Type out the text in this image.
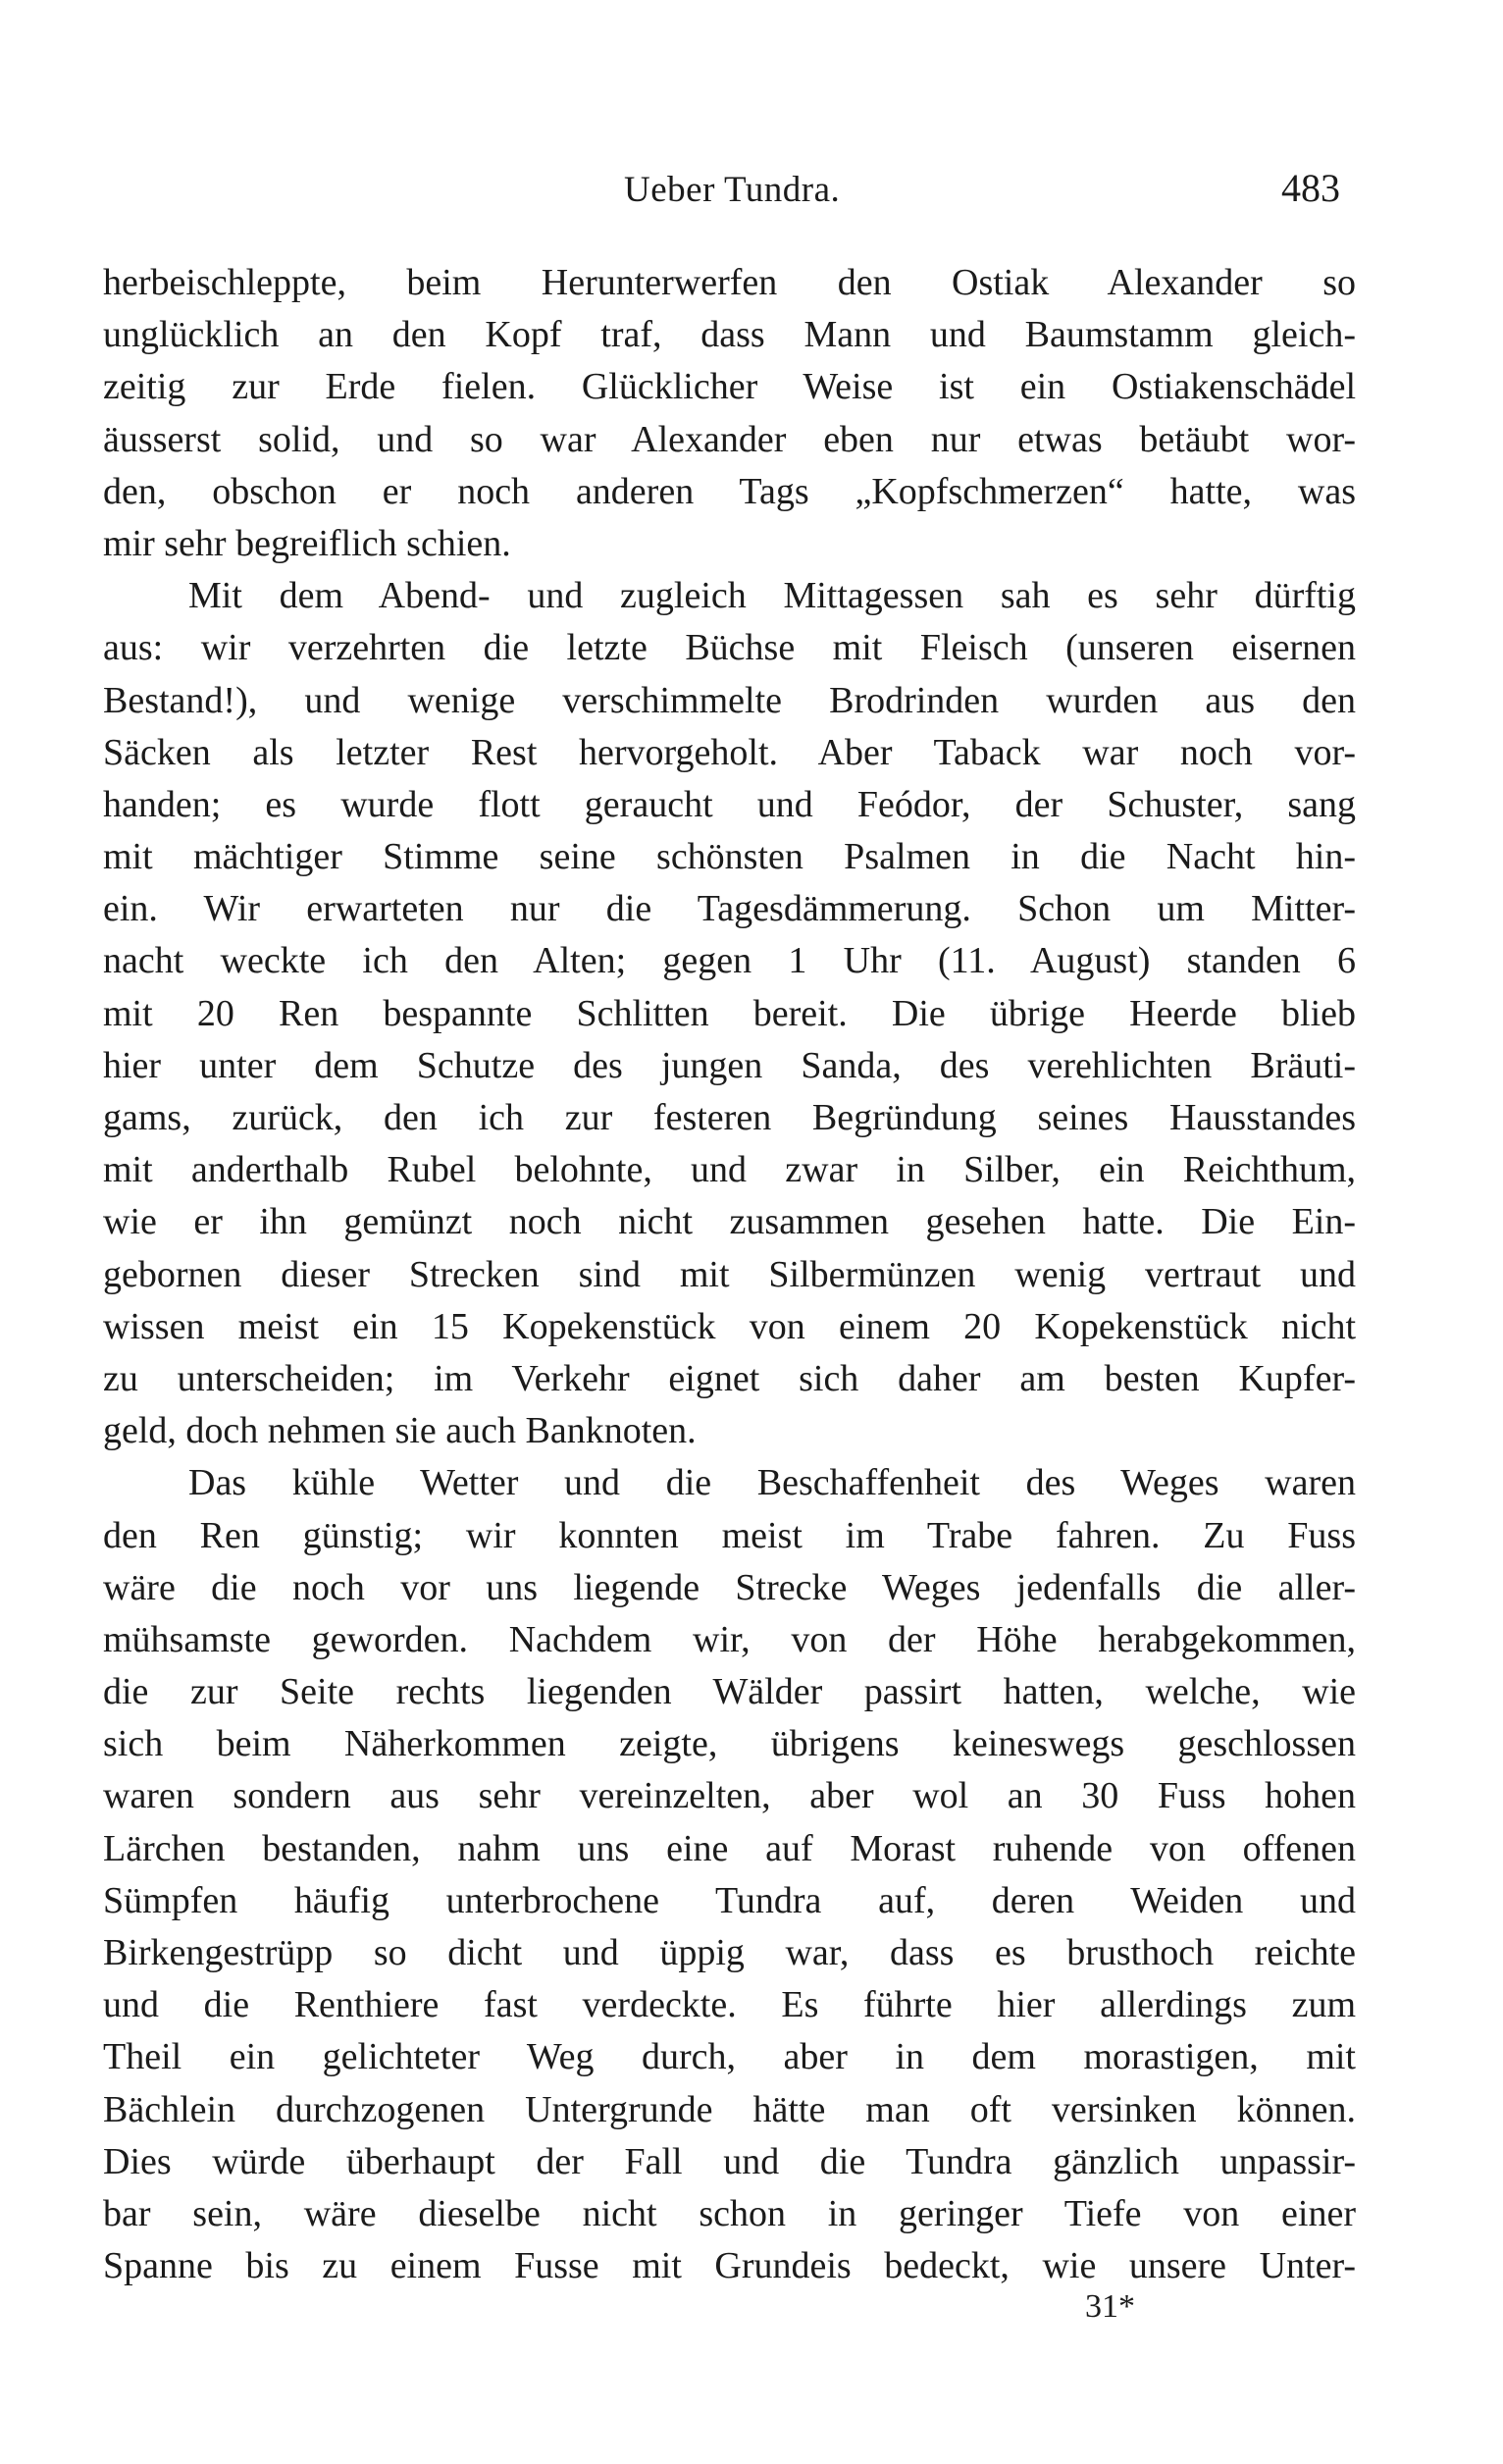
Ueber Tundra.	483
herbeischleppte, beim Herunterwerfen den Ostiak Alexander so
unglücklich an den Kopf traf, dass Mann und Baumstamm gleich-
zeitig zur Erde fielen. Glücklicher Weise ist ein Ostiakenschädel
äusserst solid, und so war Alexander eben nur etwas betäubt wor-
den, obschon er noch anderen Tags „Kopfschmerzen“ hatte, was
mir sehr begreiflich schien.
Mit dem Abend- und zugleich Mittagessen sah es sehr dürftig
aus: wir verzehrten die letzte Büchse mit Fleisch (unseren eisernen
Bestand!), und wenige verschimmelte Brodrinden wurden aus den
Säcken als letzter Rest hervorgeholt. Aber Taback war noch vor-
handen; es wurde flott geraucht und Feódor, der Schuster, sang
mit mächtiger Stimme seine schönsten Psalmen in die Nacht hin-
ein. Wir erwarteten nur die Tagesdämmerung. Schon um Mitter-
nacht weckte ich den Alten; gegen 1 Uhr (11. August) standen 6
mit 20 Ren bespannte Schlitten bereit. Die übrige Heerde blieb
hier unter dem Schutze des jungen Sanda, des verehlichten Bräuti-
gams, zurück, den ich zur festeren Begründung seines Hausstandes
mit anderthalb Rubel belohnte, und zwar in Silber, ein Reichthum,
wie er ihn gemünzt noch nicht zusammen gesehen hatte. Die Ein-
gebornen dieser Strecken sind mit Silbermünzen wenig vertraut und
wissen meist ein 15 Kopekenstück von einem 20 Kopekenstück nicht
zu unterscheiden; im Verkehr eignet sich daher am besten Kupfer-
geld, doch nehmen sie auch Banknoten.
Das kühle Wetter und die Beschaffenheit des Weges waren
den Ren günstig; wir konnten meist im Trabe fahren. Zu Fuss
wäre die noch vor uns liegende Strecke Weges jedenfalls die aller-
mühsamste geworden. Nachdem wir, von der Höhe herabgekommen,
die zur Seite rechts liegenden Wälder passirt hatten, welche, wie
sich beim Näherkommen zeigte, übrigens keineswegs geschlossen
waren sondern aus sehr vereinzelten, aber wol an 30 Fuss hohen
Lärchen bestanden, nahm uns eine auf Morast ruhende von offenen
Sümpfen häufig unterbrochene Tundra auf, deren Weiden und
Birkengestrüpp so dicht und üppig war, dass es brusthoch reichte
und die Renthiere fast verdeckte. Es führte hier allerdings zum
Theil ein gelichteter Weg durch, aber in dem morastigen, mit
Bächlein durchzogenen Untergrunde hätte man oft versinken können.
Dies würde überhaupt der Fall und die Tundra gänzlich unpassir-
bar sein, wäre dieselbe nicht schon in geringer Tiefe von einer
Spanne bis zu einem Fusse mit Grundeis bedeckt, wie unsere Unter-
31*
